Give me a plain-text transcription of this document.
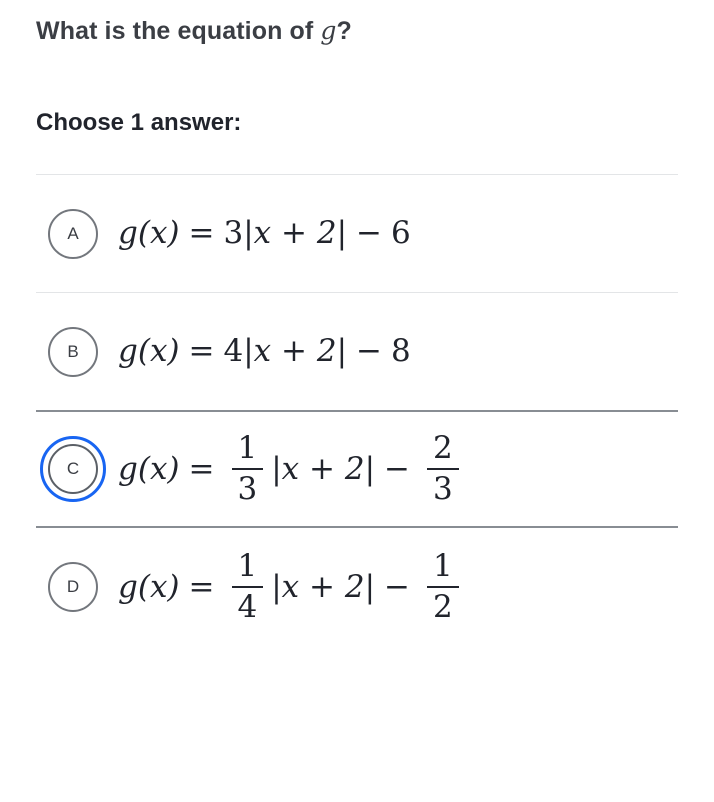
What is the equation of g?
Choose 1 answer:
A	g(x) = 3 |x + 2| − 6
B	g(x) = 4 |x + 2| − 8
C	$g(x) = \frac{1}{3} |x + 2| - \frac{2}{3}$
D	$g(x) = \frac{1}{4} |x + 2| - \frac{1}{2}$
